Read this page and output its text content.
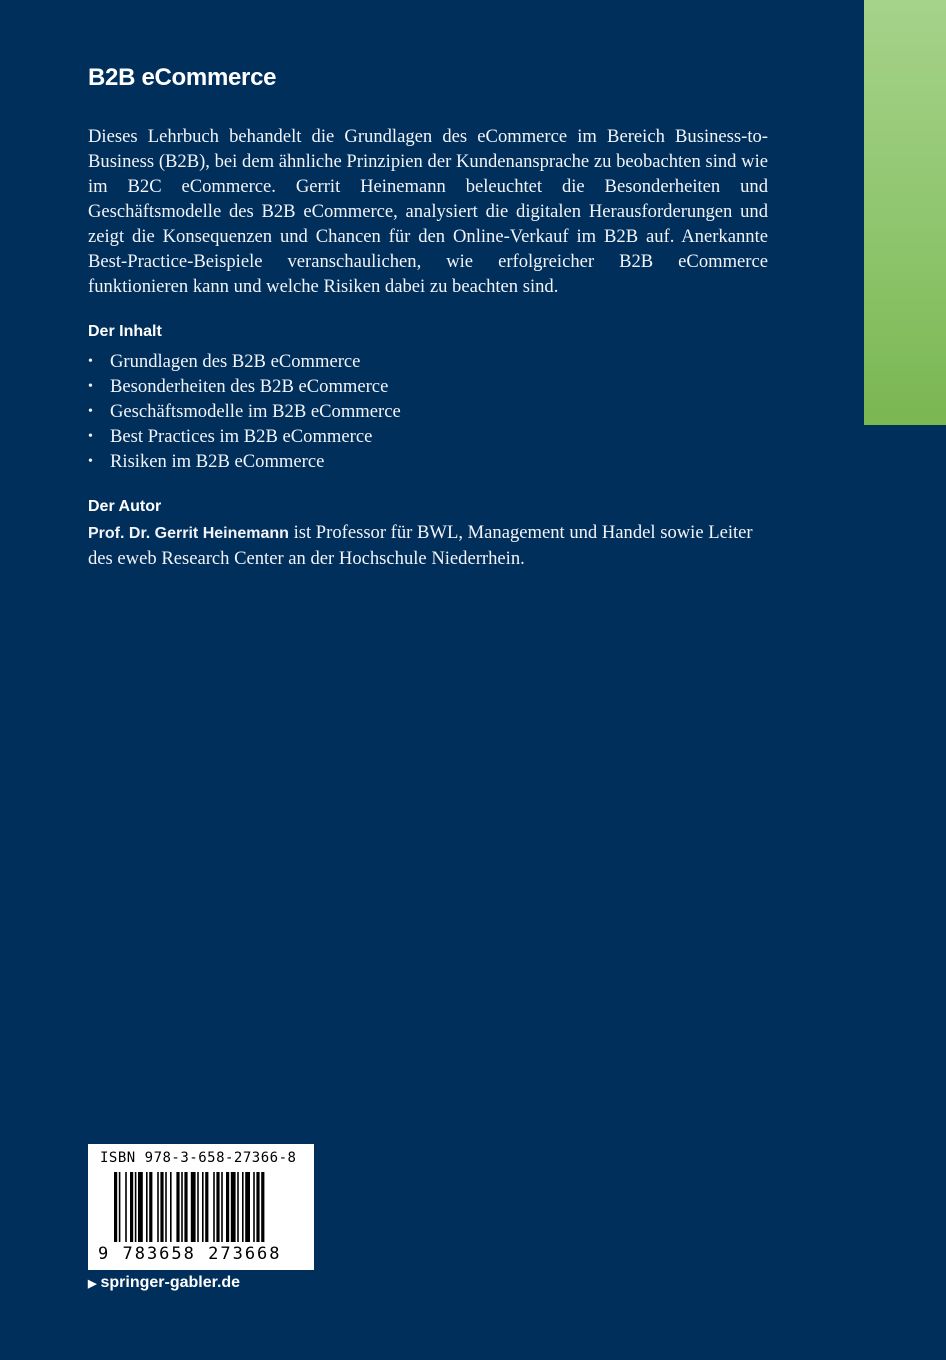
B2B eCommerce

Dieses Lehrbuch behandelt die Grundlagen des eCommerce im Bereich Business-to-Business (B2B), bei dem ähnliche Prinzipien der Kundenansprache zu beobachten sind wie im B2C eCommerce. Gerrit Heinemann beleuchtet die Besonderheiten und Geschäftsmodelle des B2B eCommerce, analysiert die digitalen Herausforderungen und zeigt die Konsequenzen und Chancen für den Online-Verkauf im B2B auf. Anerkannte Best-Practice-Beispiele veranschaulichen, wie erfolgreicher B2B eCommerce funktionieren kann und welche Risiken dabei zu beachten sind.

Der Inhalt
• Grundlagen des B2B eCommerce
• Besonderheiten des B2B eCommerce
• Geschäftsmodelle im B2B eCommerce
• Best Practices im B2B eCommerce
• Risiken im B2B eCommerce
Der Autor

Prof. Dr. Gerrit Heinemann ist Professor für BWL, Management und Handel sowie Leiter des eweb Research Center an der Hochschule Niederrhein.

ISBN 978-3-658-27366-8
9 783658 273668
▶ springer-gabler.de
